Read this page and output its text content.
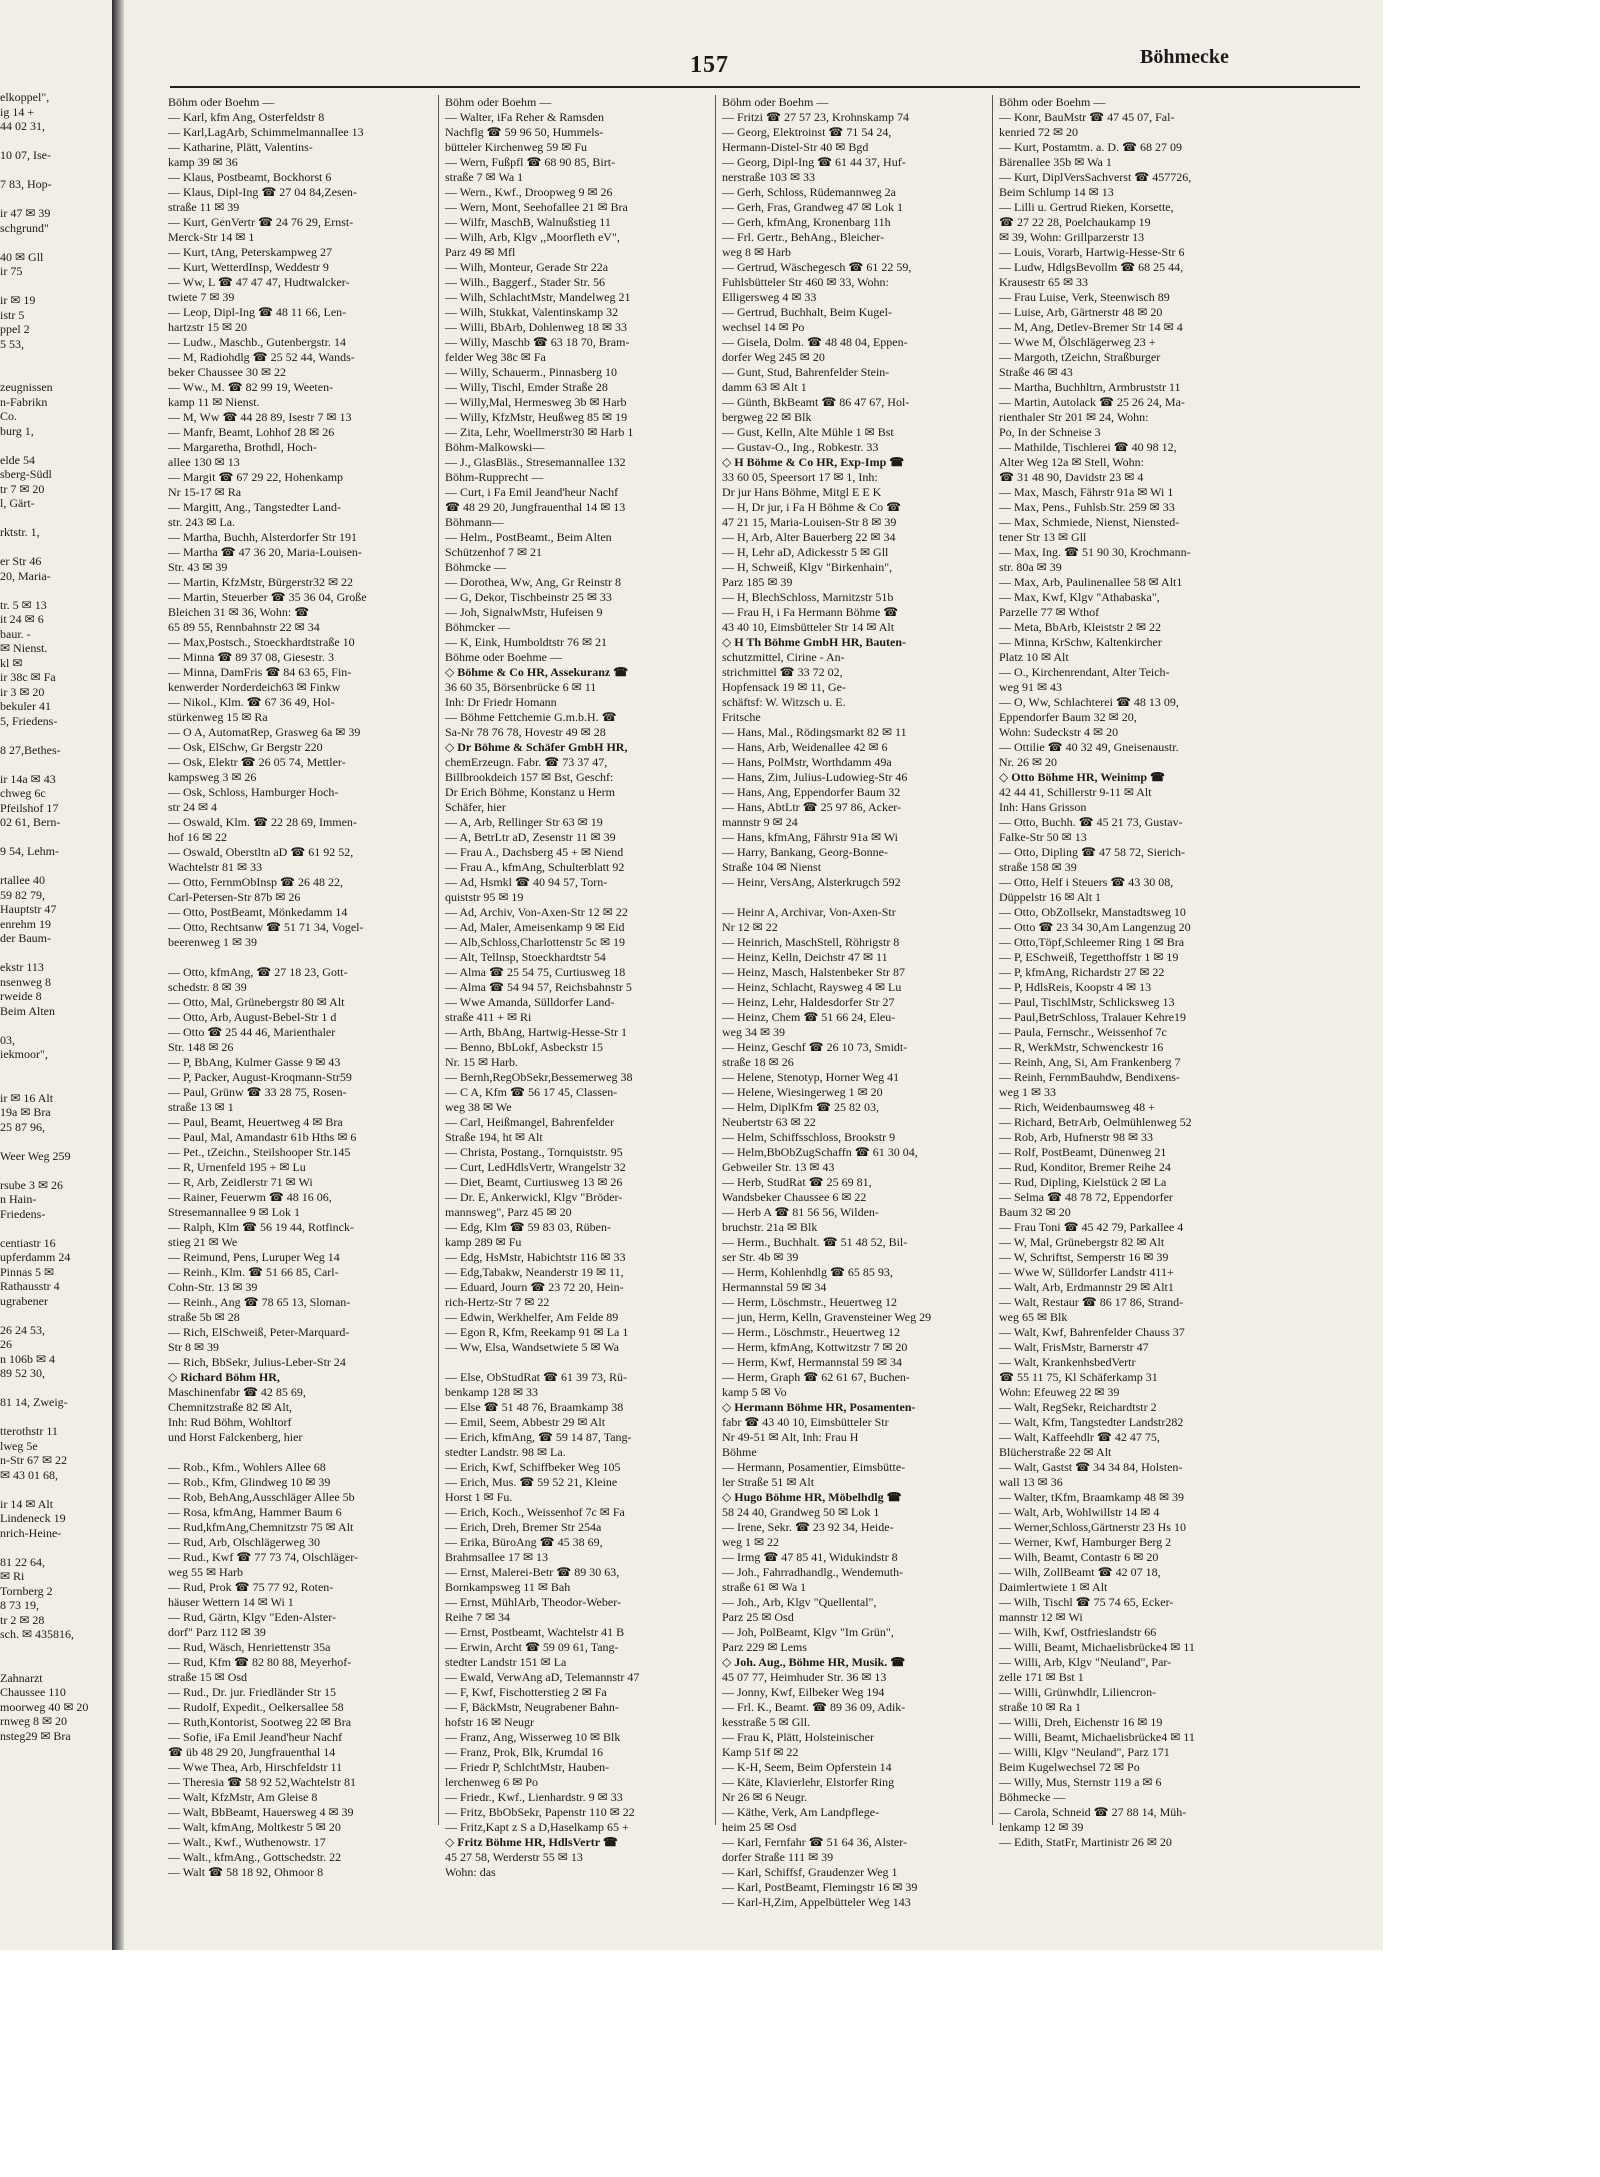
elkoppel",
ig 14 +
44 02 31,
10 07, Ise-
7 83, Hop-
ir 47 ✉ 39
schgrund"
40 ✉ Gll
ir 75
ir ✉ 19
istr 5
ppel 2
5 53,
zeugnissen
n-Fabrikn
Co.
burg 1,
elde 54
sberg-Südl
tr 7 ✉ 20
l, Gärt-
rktstr. 1,
er Str 46
20, Maria-
tr. 5 ✉ 13
it 24 ✉ 6
baur. -
✉ Nienst.
kl ✉
ir 38c ✉ Fa
ir 3 ✉ 20
bekuler 41
5, Friedens-
8 27,Bethes-
ir 14a ✉ 43
chweg 6c
Pfeilshof 17
02 61, Bern-
9 54, Lehm-
rtallee 40
59 82 79,
Hauptstr 47
enrehm 19
der Baum-
ekstr 113
nsenweg 8
rweide 8
Beim Alten
03,
iekmoor",
ir ✉ 16 Alt
19a ✉ Bra
25 87 96,
Weer Weg 259
rsube 3 ✉ 26
n Hain-
Friedens-
centiastr 16
upferdamm 24
Pinnas 5 ✉
Rathausstr 4
ugrabener
26 24 53,
26
n 106b ✉ 4
89 52 30,
81 14, Zweig-
tterothstr 11
lweg 5e
n-Str 67 ✉ 22
✉ 43 01 68,
ir 14 ✉ Alt
Lindeneck 19
nrich-Heine-
81 22 64,
✉ Ri
Tornberg 2
8 73 19,
tr 2 ✉ 28
sch. ✉ 435816,
Zahnarzt
Chaussee 110
moorweg 40 ✉ 20
rnweg 8 ✉ 20
nsteg29 ✉ Bra
157	Böhmecke
Böhm oder Boehm —
— Karl, kfm Ang, Osterfeldstr 8
— Karl,LagArb, Schimmelmannallee 13
— Katharine, Plätt, Valentins-
kamp 39 ✉ 36
— Klaus, Postbeamt, Bockhorst 6
— Klaus, Dipl-Ing ☎ 27 04 84,Zesen-
straße 11 ✉ 39
— Kurt, GenVertr ☎ 24 76 29, Ernst-
Merck-Str 14 ✉ 1
— Kurt, tAng, Peterskampweg 27
— Kurt, WetterdInsp, Weddestr 9
— Ww, L ☎ 47 47 47, Hudtwalcker-
twiete 7 ✉ 39
— Leop, Dipl-Ing ☎ 48 11 66, Len-
hartzstr 15 ✉ 20
— Ludw., Maschb., Gutenbergstr. 14
— M, Radiohdlg ☎ 25 52 44, Wands-
beker Chaussee 30 ✉ 22
— Ww., M. ☎ 82 99 19, Weeten-
kamp 11 ✉ Nienst.
— M, Ww ☎ 44 28 89, Isestr 7 ✉ 13
— Manfr, Beamt, Lohhof 28 ✉ 26
— Margaretha, Brothdl, Hoch-
allee 130 ✉ 13
— Margit ☎ 67 29 22, Hohenkamp
Nr 15-17 ✉ Ra
— Margitt, Ang., Tangstedter Land-
str. 243 ✉ La.
— Martha, Buchh, Alsterdorfer Str 191
— Martha ☎ 47 36 20, Maria-Louisen-
Str. 43 ✉ 39
— Martin, KfzMstr, Bürgerstr32 ✉ 22
— Martin, Steuerber ☎ 35 36 04, Große
Bleichen 31 ✉ 36, Wohn: ☎
65 89 55, Rennbahnstr 22 ✉ 34
— Max,Postsch., Stoeckhardtstraße 10
— Minna ☎ 89 37 08, Giesestr. 3
— Minna, DamFris ☎ 84 63 65, Fin-
kenwerder Norderdeich63 ✉ Finkw
— Nikol., Klm. ☎ 67 36 49, Hol-
stürkenweg 15 ✉ Ra
— O A, AutomatRep, Grasweg 6a ✉ 39
— Osk, ElSchw, Gr Bergstr 220
— Osk, Elektr ☎ 26 05 74, Mettler-
kampsweg 3 ✉ 26
— Osk, Schloss, Hamburger Hoch-
str 24 ✉ 4
— Oswald, Klm. ☎ 22 28 69, Immen-
hof 16 ✉ 22
— Oswald, Oberstltn aD ☎ 61 92 52,
Wachtelstr 81 ✉ 33
— Otto, FernmObInsp ☎ 26 48 22,
Carl-Petersen-Str 87b ✉ 26
— Otto, PostBeamt, Mönkedamm 14
— Otto, Rechtsanw ☎ 51 71 34, Vogel-
beerenweg 1 ✉ 39
— Otto, kfmAng, ☎ 27 18 23, Gott-
schedstr. 8 ✉ 39
— Otto, Mal, Grünebergstr 80 ✉ Alt
— Otto, Arb, August-Bebel-Str 1 d
— Otto ☎ 25 44 46, Marienthaler
Str. 148 ✉ 26
— P, BbAng, Kulmer Gasse 9 ✉ 43
— P, Packer, August-Kroqmann-Str59
— Paul, Grünw ☎ 33 28 75, Rosen-
straße 13 ✉ 1
— Paul, Beamt, Heuertweg 4 ✉ Bra
— Paul, Mal, Amandastr 61b Hths ✉ 6
— Pet., tZeichn., Steilshooper Str.145
— R, Urnenfeld 195 + ✉ Lu
— R, Arb, Zeidlerstr 71 ✉ Wi
— Rainer, Feuerwm ☎ 48 16 06,
Stresemannallee 9 ✉ Lok 1
— Ralph, Klm ☎ 56 19 44, Rotfinck-
stieg 21 ✉ We
— Reimund, Pens, Luruper Weg 14
— Reinh., Klm. ☎ 51 66 85, Carl-
Cohn-Str. 13 ✉ 39
— Reinh., Ang ☎ 78 65 13, Sloman-
straße 5b ✉ 28
— Rich, ElSchweiß, Peter-Marquard-
Str 8 ✉ 39
— Rich, BbSekr, Julius-Leber-Str 24
◇ Richard Böhm HR,
Maschinenfabr ☎ 42 85 69,
Chemnitzstraße 82 ✉ Alt,
Inh: Rud Böhm, Wohltorf
und Horst Falckenberg, hier
— Rob., Kfm., Wohlers Allee 68
— Rob., Kfm, Glindweg 10 ✉ 39
— Rob, BehAng,Ausschläger Allee 5b
— Rosa, kfmAng, Hammer Baum 6
— Rud,kfmAng,Chemnitzstr 75 ✉ Alt
— Rud, Arb, Olschlägerweg 30
— Rud., Kwf ☎ 77 73 74, Olschläger-
weg 55 ✉ Harb
— Rud, Prok ☎ 75 77 92, Roten-
häuser Wettern 14 ✉ Wi 1
— Rud, Gärtn, Klgv "Eden-Alster-
dorf" Parz 112 ✉ 39
— Rud, Wäsch, Henriettenstr 35a
— Rud, Kfm ☎ 82 80 88, Meyerhof-
straße 15 ✉ Osd
— Rud., Dr. jur. Friedländer Str 15
— Rudolf, Expedit., Oelkersallee 58
— Ruth,Kontorist, Sootweg 22 ✉ Bra
— Sofie, iFa Emil Jeand'heur Nachf
☎ üb 48 29 20, Jungfrauenthal 14
— Wwe Thea, Arb, Hirschfeldstr 11
— Theresia ☎ 58 92 52,Wachtelstr 81
— Walt, KfzMstr, Am Gleise 8
— Walt, BbBeamt, Hauersweg 4 ✉ 39
— Walt, kfmAng, Moltkestr 5 ✉ 20
— Walt., Kwf., Wuthenowstr. 17
— Walt., kfmAng., Gottschedstr. 22
— Walt ☎ 58 18 92, Ohmoor 8
Böhm oder Boehm —
— Walter, iFa Reher & Ramsden
Nachflg ☎ 59 96 50, Hummels-
bütteler Kirchenweg 59 ✉ Fu
— Wern, Fußpfl ☎ 68 90 85, Birt-
straße 7 ✉ Wa 1
— Wern., Kwf., Droopweg 9 ✉ 26
— Wern, Mont, Seehofallee 21 ✉ Bra
— Wilfr, MaschB, Walnußstieg 11
— Wilh, Arb, Klgv ,,Moorfleth eV",
Parz 49 ✉ Mfl
— Wilh, Monteur, Gerade Str 22a
— Wilh., Baggerf., Stader Str. 56
— Wilh, SchlachtMstr, Mandelweg 21
— Wilh, Stukkat, Valentinskamp 32
— Willi, BbArb, Dohlenweg 18 ✉ 33
— Willy, Maschb ☎ 63 18 70, Bram-
felder Weg 38c ✉ Fa
— Willy, Schauerm., Pinnasberg 10
— Willy, Tischl, Emder Straße 28
— Willy,Mal, Hermesweg 3b ✉ Harb
— Willy, KfzMstr, Heußweg 85 ✉ 19
— Zita, Lehr, Woellmerstr30 ✉ Harb 1
Böhm-Malkowski—
— J., GlasBläs., Stresemannallee 132
Böhm-Rupprecht —
— Curt, i Fa Emil Jeand'heur Nachf
☎ 48 29 20, Jungfrauenthal 14 ✉ 13
Böhmann—
— Helm., PostBeamt., Beim Alten
Schützenhof 7 ✉ 21
Böhmcke —
— Dorothea, Ww, Ang, Gr Reinstr 8
— G, Dekor, Tischbeinstr 25 ✉ 33
— Joh, SignalwMstr, Hufeisen 9
Böhmcker —
— K, Eink, Humboldtstr 76 ✉ 21
Böhme oder Boehme —
◇ Böhme & Co HR, Assekuranz ☎
36 60 35, Börsenbrücke 6 ✉ 11
Inh: Dr Friedr Homann
— Böhme Fettchemie G.m.b.H. ☎
Sa-Nr 78 76 78, Hovestr 49 ✉ 28
◇ Dr Böhme & Schäfer GmbH HR,
chemErzeugn. Fabr. ☎ 73 37 47,
Billbrookdeich 157 ✉ Bst, Geschf:
Dr Erich Böhme, Konstanz u Herm
Schäfer, hier
— A, Arb, Rellinger Str 63 ✉ 19
— A, BetrLtr aD, Zesenstr 11 ✉ 39
— Frau A., Dachsberg 45 + ✉ Niend
— Frau A., kfmAng, Schulterblatt 92
— Ad, Hsmkl ☎ 40 94 57, Torn-
quiststr 95 ✉ 19
— Ad, Archiv, Von-Axen-Str 12 ✉ 22
— Ad, Maler, Ameisenkamp 9 ✉ Eid
— Alb,Schloss,Charlottenstr 5c ✉ 19
— Alt, Tellnsp, Stoeckhardtstr 54
— Alma ☎ 25 54 75, Curtiusweg 18
— Alma ☎ 54 94 57, Reichsbahnstr 5
— Wwe Amanda, Sülldorfer Land-
straße 411 + ✉ Ri
— Arth, BbAng, Hartwig-Hesse-Str 1
— Benno, BbLokf, Asbeckstr 15
Nr. 15 ✉ Harb.
— Bernh,RegObSekr,Bessemerweg 38
— C A, Kfm ☎ 56 17 45, Classen-
weg 38 ✉ We
— Carl, Heißmangel, Bahrenfelder
Straße 194, ht ✉ Alt
— Christa, Postang., Tornquiststr. 95
— Curt, LedHdlsVertr, Wrangelstr 32
— Diet, Beamt, Curtiusweg 13 ✉ 26
— Dr. E, Ankerwickl, Klgv "Bröder-
mannsweg", Parz 45 ✉ 20
— Edg, Klm ☎ 59 83 03, Rüben-
kamp 289 ✉ Fu
— Edg, HsMstr, Habichtstr 116 ✉ 33
— Edg,Tabakw, Neanderstr 19 ✉ 11,
— Eduard, Journ ☎ 23 72 20, Hein-
rich-Hertz-Str 7 ✉ 22
— Edwin, Werkhelfer, Am Felde 89
— Egon R, Kfm, Reekamp 91 ✉ La 1
— Ww, Elsa, Wandsetwiete 5 ✉ Wa
— Else, ObStudRat ☎ 61 39 73, Rü-
benkamp 128 ✉ 33
— Else ☎ 51 48 76, Braamkamp 38
— Emil, Seem, Abbestr 29 ✉ Alt
— Erich, kfmAng, ☎ 59 14 87, Tang-
stedter Landstr. 98 ✉ La.
— Erich, Kwf, Schiffbeker Weg 105
— Erich, Mus. ☎ 59 52 21, Kleine
Horst 1 ✉ Fu.
— Erich, Koch., Weissenhof 7c ✉ Fa
— Erich, Dreh, Bremer Str 254a
— Erika, BüroAng ☎ 45 38 69,
Brahmsallee 17 ✉ 13
— Ernst, Malerei-Betr ☎ 89 30 63,
Bornkampsweg 11 ✉ Bah
— Ernst, MühlArb, Theodor-Weber-
Reihe 7 ✉ 34
— Ernst, Postbeamt, Wachtelstr 41 B
— Erwin, Archt ☎ 59 09 61, Tang-
stedter Landstr 151 ✉ La
— Ewald, VerwAng aD, Telemannstr 47
— F, Kwf, Fischotterstieg 2 ✉ Fa
— F, BäckMstr, Neugrabener Bahn-
hofstr 16 ✉ Neugr
— Franz, Ang, Wisserweg 10 ✉ Blk
— Franz, Prok, Blk, Krumdal 16
— Friedr P, SchlchtMstr, Hauben-
lerchenweg 6 ✉ Po
— Friedr., Kwf., Lienhardstr. 9 ✉ 33
— Fritz, BbObSekr, Papenstr 110 ✉ 22
— Fritz,Kapt z S a D,Haselkamp 65 +
◇ Fritz Böhme HR, HdlsVertr ☎
45 27 58, Werderstr 55 ✉ 13
Wohn: das
Böhm oder Boehm —
— Fritzi ☎ 27 57 23, Krohnskamp 74
— Georg, Elektroinst ☎ 71 54 24,
Hermann-Distel-Str 40 ✉ Bgd
— Georg, Dipl-Ing ☎ 61 44 37, Huf-
nerstraße 103 ✉ 33
— Gerh, Schloss, Rüdemannweg 2a
— Gerh, Fras, Grandweg 47 ✉ Lok 1
— Gerh, kfmAng, Kronenbarg 11h
— Frl. Gertr., BehAng., Bleicher-
weg 8 ✉ Harb
— Gertrud, Wäschegesch ☎ 61 22 59,
Fuhlsbütteler Str 460 ✉ 33, Wohn:
Elligersweg 4 ✉ 33
— Gertrud, Buchhalt, Beim Kugel-
wechsel 14 ✉ Po
— Gisela, Dolm. ☎ 48 48 04, Eppen-
dorfer Weg 245 ✉ 20
— Gunt, Stud, Bahrenfelder Stein-
damm 63 ✉ Alt 1
— Günth, BkBeamt ☎ 86 47 67, Hol-
bergweg 22 ✉ Blk
— Gust, Kelln, Alte Mühle 1 ✉ Bst
— Gustav-O., Ing., Robkestr. 33
◇ H Böhme & Co HR, Exp-Imp ☎
33 60 05, Speersort 17 ✉ 1, Inh:
Dr jur Hans Böhme, Mitgl E E K
— H, Dr jur, i Fa H Böhme & Co ☎
47 21 15, Maria-Louisen-Str 8 ✉ 39
— H, Arb, Alter Bauerberg 22 ✉ 34
— H, Lehr aD, Adickesstr 5 ✉ Gll
— H, Schweiß, Klgv "Birkenhain",
Parz 185 ✉ 39
— H, BlechSchloss, Marnitzstr 51b
— Frau H, i Fa Hermann Böhme ☎
43 40 10, Eimsbütteler Str 14 ✉ Alt
◇ H Th Böhme GmbH HR, Bauten-
schutzmittel, Cirine - An-
strichmittel ☎ 33 72 02,
Hopfensack 19 ✉ 11, Ge-
schäftsf: W. Witzsch u. E.
Fritsche
— Hans, Mal., Rödingsmarkt 82 ✉ 11
— Hans, Arb, Weidenallee 42 ✉ 6
— Hans, PolMstr, Worthdamm 49a
— Hans, Zim, Julius-Ludowieg-Str 46
— Hans, Ang, Eppendorfer Baum 32
— Hans, AbtLtr ☎ 25 97 86, Acker-
mannstr 9 ✉ 24
— Hans, kfmAng, Fährstr 91a ✉ Wi
— Harry, Bankang, Georg-Bonne-
Straße 104 ✉ Nienst
— Heinr, VersAng, Alsterkrugch 592
— Heinr A, Archivar, Von-Axen-Str
Nr 12 ✉ 22
— Heinrich, MaschStell, Röhrigstr 8
— Heinz, Kelln, Deichstr 47 ✉ 11
— Heinz, Masch, Halstenbeker Str 87
— Heinz, Schlacht, Raysweg 4 ✉ Lu
— Heinz, Lehr, Haldesdorfer Str 27
— Heinz, Chem ☎ 51 66 24, Eleu-
weg 34 ✉ 39
— Heinz, Geschf ☎ 26 10 73, Smidt-
straße 18 ✉ 26
— Helene, Stenotyp, Horner Weg 41
— Helene, Wiesingerweg 1 ✉ 20
— Helm, DiplKfm ☎ 25 82 03,
Neubertstr 63 ✉ 22
— Helm, Schiffsschloss, Brookstr 9
— Helm,BbObZugSchaffn ☎ 61 30 04,
Gebweiler Str. 13 ✉ 43
— Herb, StudRat ☎ 25 69 81,
Wandsbeker Chaussee 6 ✉ 22
— Herb A ☎ 81 56 56, Wilden-
bruchstr. 21a ✉ Blk
— Herm., Buchhalt. ☎ 51 48 52, Bil-
ser Str. 4b ✉ 39
— Herm, Kohlenhdlg ☎ 65 85 93,
Hermannstal 59 ✉ 34
— Herm, Löschmstr., Heuertweg 12
— jun, Herm, Kelln, Gravensteiner Weg 29
— Herm., Löschmstr., Heuertweg 12
— Herm, kfmAng, Kottwitzstr 7 ✉ 20
— Herm, Kwf, Hermannstal 59 ✉ 34
— Herm, Graph ☎ 62 61 67, Buchen-
kamp 5 ✉ Vo
◇ Hermann Böhme HR, Posamenten-
fabr ☎ 43 40 10, Eimsbütteler Str
Nr 49-51 ✉ Alt, Inh: Frau H
Böhme
— Hermann, Posamentier, Eimsbütte-
ler Straße 51 ✉ Alt
◇ Hugo Böhme HR, Möbelhdlg ☎
58 24 40, Grandweg 50 ✉ Lok 1
— Irene, Sekr. ☎ 23 92 34, Heide-
weg 1 ✉ 22
— Irmg ☎ 47 85 41, Widukindstr 8
— Joh., Fahrradhandlg., Wendemuth-
straße 61 ✉ Wa 1
— Joh., Arb, Klgv "Quellental",
Parz 25 ✉ Osd
— Joh, PolBeamt, Klgv "Im Grün",
Parz 229 ✉ Lems
◇ Joh. Aug., Böhme HR, Musik. ☎
45 07 77, Heimhuder Str. 36 ✉ 13
— Jonny, Kwf, Eilbeker Weg 194
— Frl. K., Beamt. ☎ 89 36 09, Adik-
kesstraße 5 ✉ Gll.
— Frau K, Plätt, Holsteinischer
Kamp 51f ✉ 22
— K-H, Seem, Beim Opferstein 14
— Käte, Klavierlehr, Elstorfer Ring
Nr 26 ✉ 6 Neugr.
— Käthe, Verk, Am Landpflege-
heim 25 ✉ Osd
— Karl, Fernfahr ☎ 51 64 36, Alster-
dorfer Straße 111 ✉ 39
— Karl, Schiffsf, Graudenzer Weg 1
— Karl, PostBeamt, Flemingstr 16 ✉ 39
— Karl-H,Zim, Appelbütteler Weg 143
Böhm oder Boehm —
— Konr, BauMstr ☎ 47 45 07, Fal-
kenried 72 ✉ 20
— Kurt, Postamtm. a. D. ☎ 68 27 09
Bärenallee 35b ✉ Wa 1
— Kurt, DiplVersSachverst ☎ 457726,
Beim Schlump 14 ✉ 13
— Lilli u. Gertrud Rieken, Korsette,
☎ 27 22 28, Poelchaukamp 19
✉ 39, Wohn: Grillparzerstr 13
— Louis, Vorarb, Hartwig-Hesse-Str 6
— Ludw, HdlgsBevollm ☎ 68 25 44,
Krausestr 65 ✉ 33
— Frau Luise, Verk, Steenwisch 89
— Luise, Arb, Gärtnerstr 48 ✉ 20
— M, Ang, Detlev-Bremer Str 14 ✉ 4
— Wwe M, Ölschlägerweg 23 +
— Margoth, tZeichn, Straßburger
Straße 46 ✉ 43
— Martha, Buchhltrn, Armbruststr 11
— Martin, Autolack ☎ 25 26 24, Ma-
rienthaler Str 201 ✉ 24, Wohn:
Po, In der Schneise 3
— Mathilde, Tischlerei ☎ 40 98 12,
Alter Weg 12a ✉ Stell, Wohn:
☎ 31 48 90, Davidstr 23 ✉ 4
— Max, Masch, Fährstr 91a ✉ Wi 1
— Max, Pens., Fuhlsb.Str. 259 ✉ 33
— Max, Schmiede, Nienst, Niensted-
tener Str 13 ✉ Gll
— Max, Ing. ☎ 51 90 30, Krochmann-
str. 80a ✉ 39
— Max, Arb, Paulinenallee 58 ✉ Alt1
— Max, Kwf, Klgv "Athabaska",
Parzelle 77 ✉ Wthof
— Meta, BbArb, Kleiststr 2 ✉ 22
— Minna, KrSchw, Kaltenkircher
Platz 10 ✉ Alt
— O., Kirchenrendant, Alter Teich-
weg 91 ✉ 43
— O, Ww, Schlachterei ☎ 48 13 09,
Eppendorfer Baum 32 ✉ 20,
Wohn: Sudeckstr 4 ✉ 20
— Ottilie ☎ 40 32 49, Gneisenaustr.
Nr. 26 ✉ 20
◇ Otto Böhme HR, Weinimp ☎
42 44 41, Schillerstr 9-11 ✉ Alt
Inh: Hans Grisson
— Otto, Buchh. ☎ 45 21 73, Gustav-
Falke-Str 50 ✉ 13
— Otto, Dipling ☎ 47 58 72, Sierich-
straße 158 ✉ 39
— Otto, Helf i Steuers ☎ 43 30 08,
Düppelstr 16 ✉ Alt 1
— Otto, ObZollsekr, Manstadtsweg 10
— Otto ☎ 23 34 30,Am Langenzug 20
— Otto,Töpf,Schleemer Ring 1 ✉ Bra
— P, ESchweiß, Tegetthoffstr 1 ✉ 19
— P, kfmAng, Richardstr 27 ✉ 22
— P, HdlsReis, Koopstr 4 ✉ 13
— Paul, TischlMstr, Schlicksweg 13
— Paul,BetrSchloss, Tralauer Kehre19
— Paula, Fernschr., Weissenhof 7c
— R, WerkMstr, Schwenckestr 16
— Reinh, Ang, Si, Am Frankenberg 7
— Reinh, FernmBauhdw, Bendixens-
weg 1 ✉ 33
— Rich, Weidenbaumsweg 48 +
— Richard, BetrArb, Oelmühlenweg 52
— Rob, Arb, Hufnerstr 98 ✉ 33
— Rolf, PostBeamt, Dünenweg 21
— Rud, Konditor, Bremer Reihe 24
— Rud, Dipling, Kielstück 2 ✉ La
— Selma ☎ 48 78 72, Eppendorfer
Baum 32 ✉ 20
— Frau Toni ☎ 45 42 79, Parkallee 4
— W, Mal, Grünebergstr 82 ✉ Alt
— W, Schriftst, Semperstr 16 ✉ 39
— Wwe W, Sülldorfer Landstr 411+
— Walt, Arb, Erdmannstr 29 ✉ Alt1
— Walt, Restaur ☎ 86 17 86, Strand-
weg 65 ✉ Blk
— Walt, Kwf, Bahrenfelder Chauss 37
— Walt, FrisMstr, Barnerstr 47
— Walt, KrankenhsbedVertr
☎ 55 11 75, Kl Schäferkamp 31
Wohn: Efeuweg 22 ✉ 39
— Walt, RegSekr, Reichardtstr 2
— Walt, Kfm, Tangstedter Landstr282
— Walt, Kaffeehdlr ☎ 42 47 75,
Blücherstraße 22 ✉ Alt
— Walt, Gastst ☎ 34 34 84, Holsten-
wall 13 ✉ 36
— Walter, tKfm, Braamkamp 48 ✉ 39
— Walt, Arb, Wohlwillstr 14 ✉ 4
— Werner,Schloss,Gärtnerstr 23 Hs 10
— Werner, Kwf, Hamburger Berg 2
— Wilh, Beamt, Contastr 6 ✉ 20
— Wilh, ZollBeamt ☎ 42 07 18,
Daimlertwiete 1 ✉ Alt
— Wilh, Tischl ☎ 75 74 65, Ecker-
mannstr 12 ✉ Wi
— Wilh, Kwf, Ostfrieslandstr 66
— Willi, Beamt, Michaelisbrücke4 ✉ 11
— Willi, Arb, Klgv "Neuland", Par-
zelle 171 ✉ Bst 1
— Willi, Grünwhdlr, Liliencron-
straße 10 ✉ Ra 1
— Willi, Dreh, Eichenstr 16 ✉ 19
— Willi, Beamt, Michaelisbrücke4 ✉ 11
— Willi, Klgv "Neuland", Parz 171
Beim Kugelwechsel 72 ✉ Po
— Willy, Mus, Sternstr 119 a ✉ 6
Böhmecke —
— Carola, Schneid ☎ 27 88 14, Müh-
lenkamp 12 ✉ 39
— Edith, StatFr, Martinistr 26 ✉ 20
